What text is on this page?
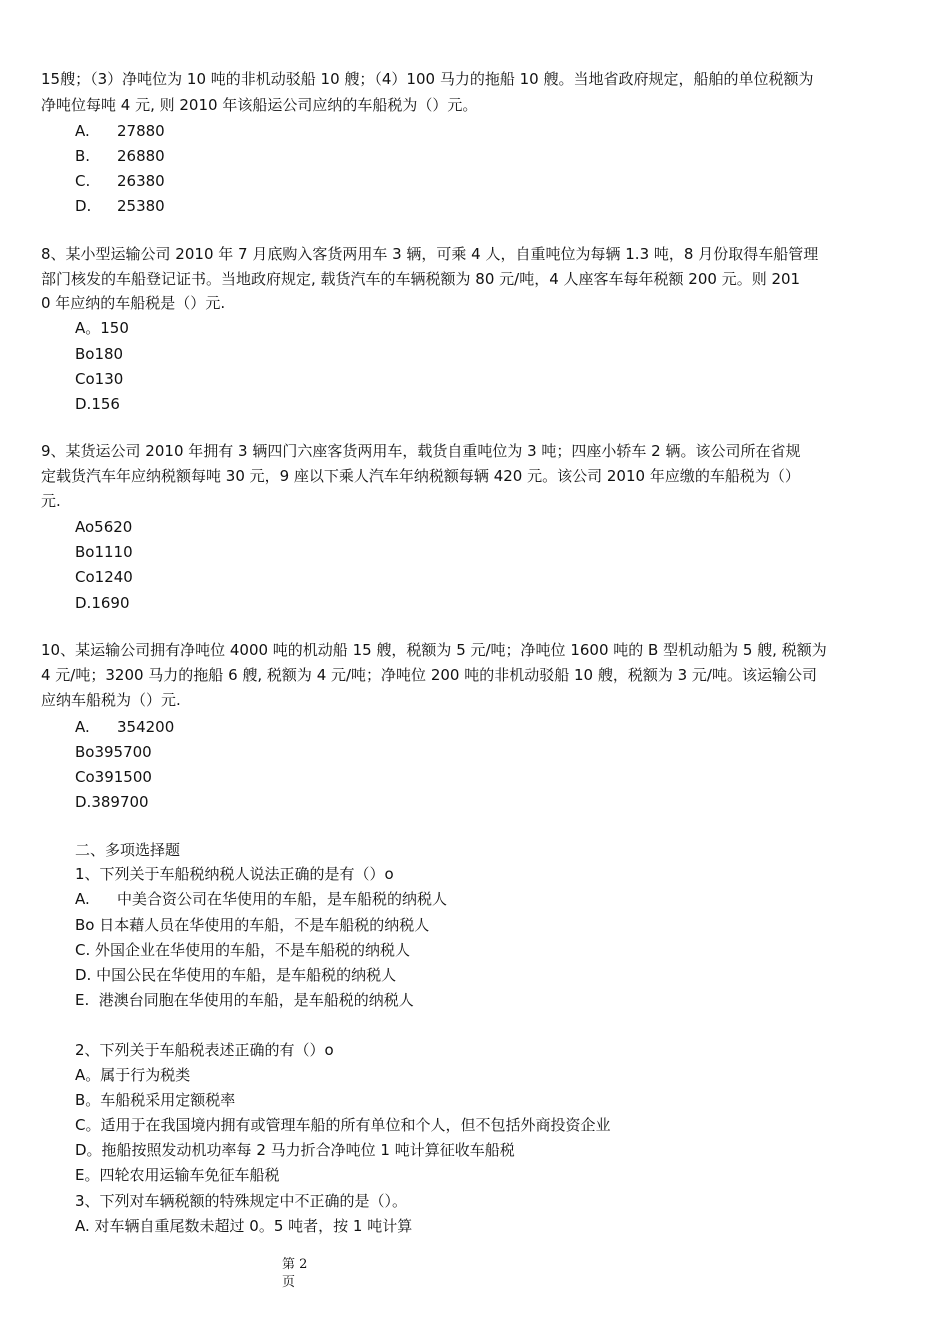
15艘；（3）净吨位为 10 吨的非机动驳船 10 艘；（4）100 马力的拖船 10 艘。当地省政府规定，船舶的单位税额为
净吨位每吨 4 元, 则 2010 年该船运公司应纳的车船税为（）元。
A. 27880
B. 26880
C. 26380
D. 25380
8、某小型运输公司 2010 年 7 月底购入客货两用车 3 辆，可乘 4 人，自重吨位为每辆 1.3 吨，8 月份取得车船管理
部门核发的车船登记证书。当地政府规定, 载货汽车的车辆税额为 80 元/吨，4 人座客车每年税额 200 元。则 201
0 年应纳的车船税是（）元.
A。150
Bo180
Co130
D.156
9、某货运公司 2010 年拥有 3 辆四门六座客货两用车，载货自重吨位为 3 吨；四座小轿车 2 辆。该公司所在省规
定载货汽车年应纳税额每吨 30 元，9 座以下乘人汽车年纳税额每辆 420 元。该公司 2010 年应缴的车船税为（）
元.
Ao5620
Bo1110
Co1240
D.1690
10、某运输公司拥有净吨位 4000 吨的机动船 15 艘，税额为 5 元/吨；净吨位 1600 吨的 B 型机动船为 5 艘, 税额为
4 元/吨；3200 马力的拖船 6 艘, 税额为 4 元/吨；净吨位 200 吨的非机动驳船 10 艘，税额为 3 元/吨。该运输公司
应纳车船税为（）元.
A. 354200
Bo395700
Co391500
D.389700
二、多项选择题
1、下列关于车船税纳税人说法正确的是有（）o
A. 中美合资公司在华使用的车船，是车船税的纳税人
Bo 日本藉人员在华使用的车船，不是车船税的纳税人
C. 外国企业在华使用的车船，不是车船税的纳税人
D. 中国公民在华使用的车船，是车船税的纳税人
E.  港澳台同胞在华使用的车船，是车船税的纳税人
2、下列关于车船税表述正确的有（）o
A。属于行为税类
B。车船税采用定额税率
C。适用于在我国境内拥有或管理车船的所有单位和个人，但不包括外商投资企业
D。拖船按照发动机功率每 2 马力折合净吨位 1 吨计算征收车船税
E。四轮农用运输车免征车船税
3、下列对车辆税额的特殊规定中不正确的是（）。
A. 对车辆自重尾数未超过 0。5 吨者，按 1 吨计算
第 2
页
